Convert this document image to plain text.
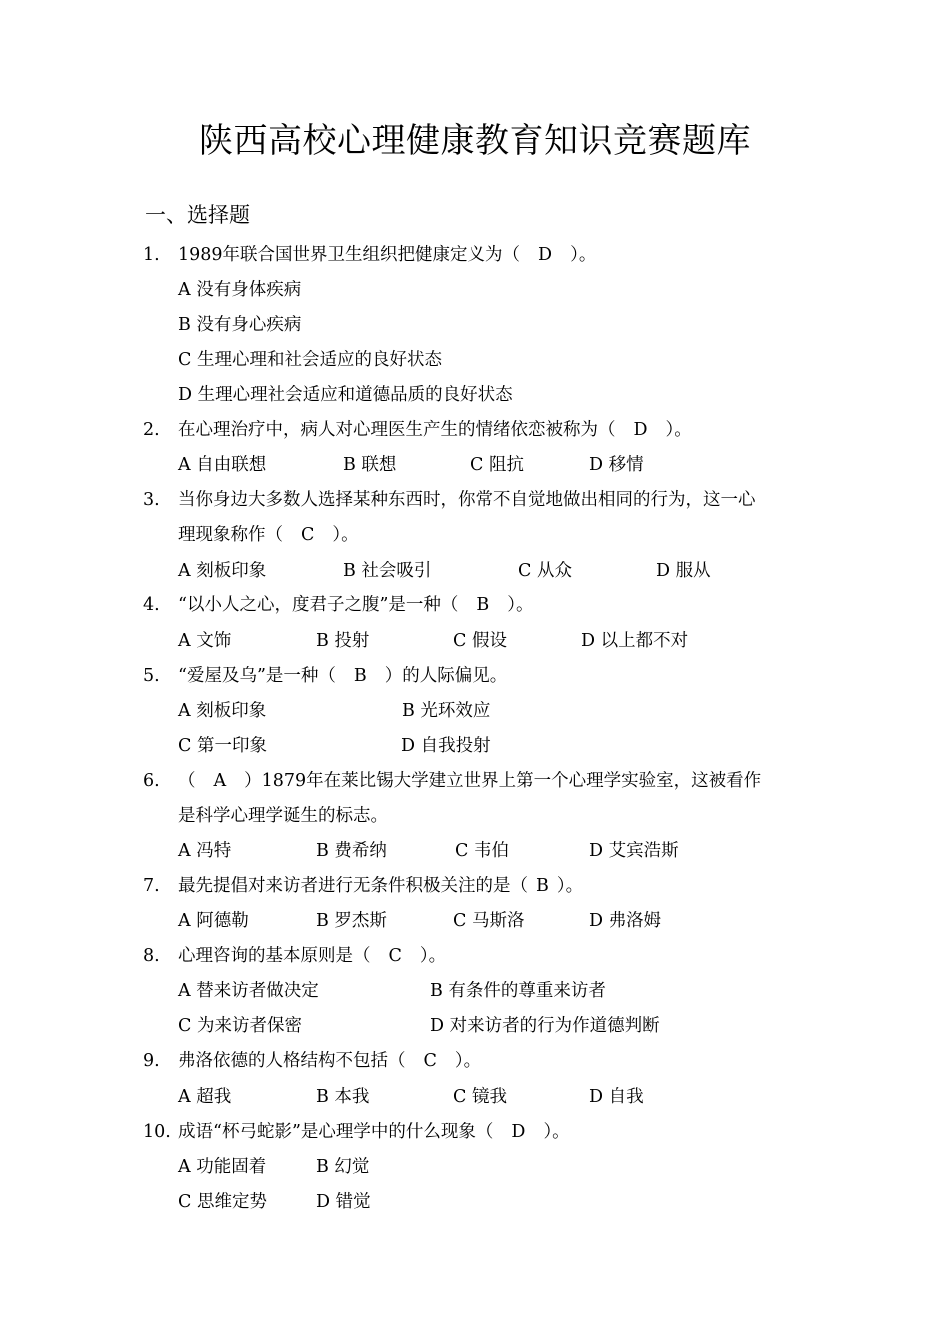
陕西高校心理健康教育知识竞赛题库
一、选择题
1.	1989年联合国世界卫生组织把健康定义为（ D ）。
A 没有身体疾病
B 没有身心疾病
C 生理心理和社会适应的良好状态
D 生理心理社会适应和道德品质的良好状态
2.	在心理治疗中，病人对心理医生产生的情绪依恋被称为（ D ）。
A 自由联想	B 联想	C 阻抗	D 移情
3.	当你身边大多数人选择某种东西时，你常不自觉地做出相同的行为，这一心
理现象称作（ C ）。
A 刻板印象	B 社会吸引	C 从众	D 服从
4.	“以小人之心，度君子之腹”是一种（ B ）。
A 文饰	B 投射	C 假设	D 以上都不对
5.	“爱屋及乌”是一种（ B ）的人际偏见。
A 刻板印象	B 光环效应
C 第一印象	D 自我投射
6.	（ A ）1879年在莱比锡大学建立世界上第一个心理学实验室，这被看作
是科学心理学诞生的标志。
A 冯特	B 费希纳	C 韦伯	D 艾宾浩斯
7.	最先提倡对来访者进行无条件积极关注的是（ B ）。
A 阿德勒	B 罗杰斯	C 马斯洛	D 弗洛姆
8.	心理咨询的基本原则是（ C ）。
A 替来访者做决定	B 有条件的尊重来访者
C 为来访者保密	D 对来访者的行为作道德判断
9.	弗洛依德的人格结构不包括（ C ）。
A 超我	B 本我	C 镜我	D 自我
10. 成语“杯弓蛇影”是心理学中的什么现象（ D ）。
A 功能固着	B 幻觉
C 思维定势	D 错觉
